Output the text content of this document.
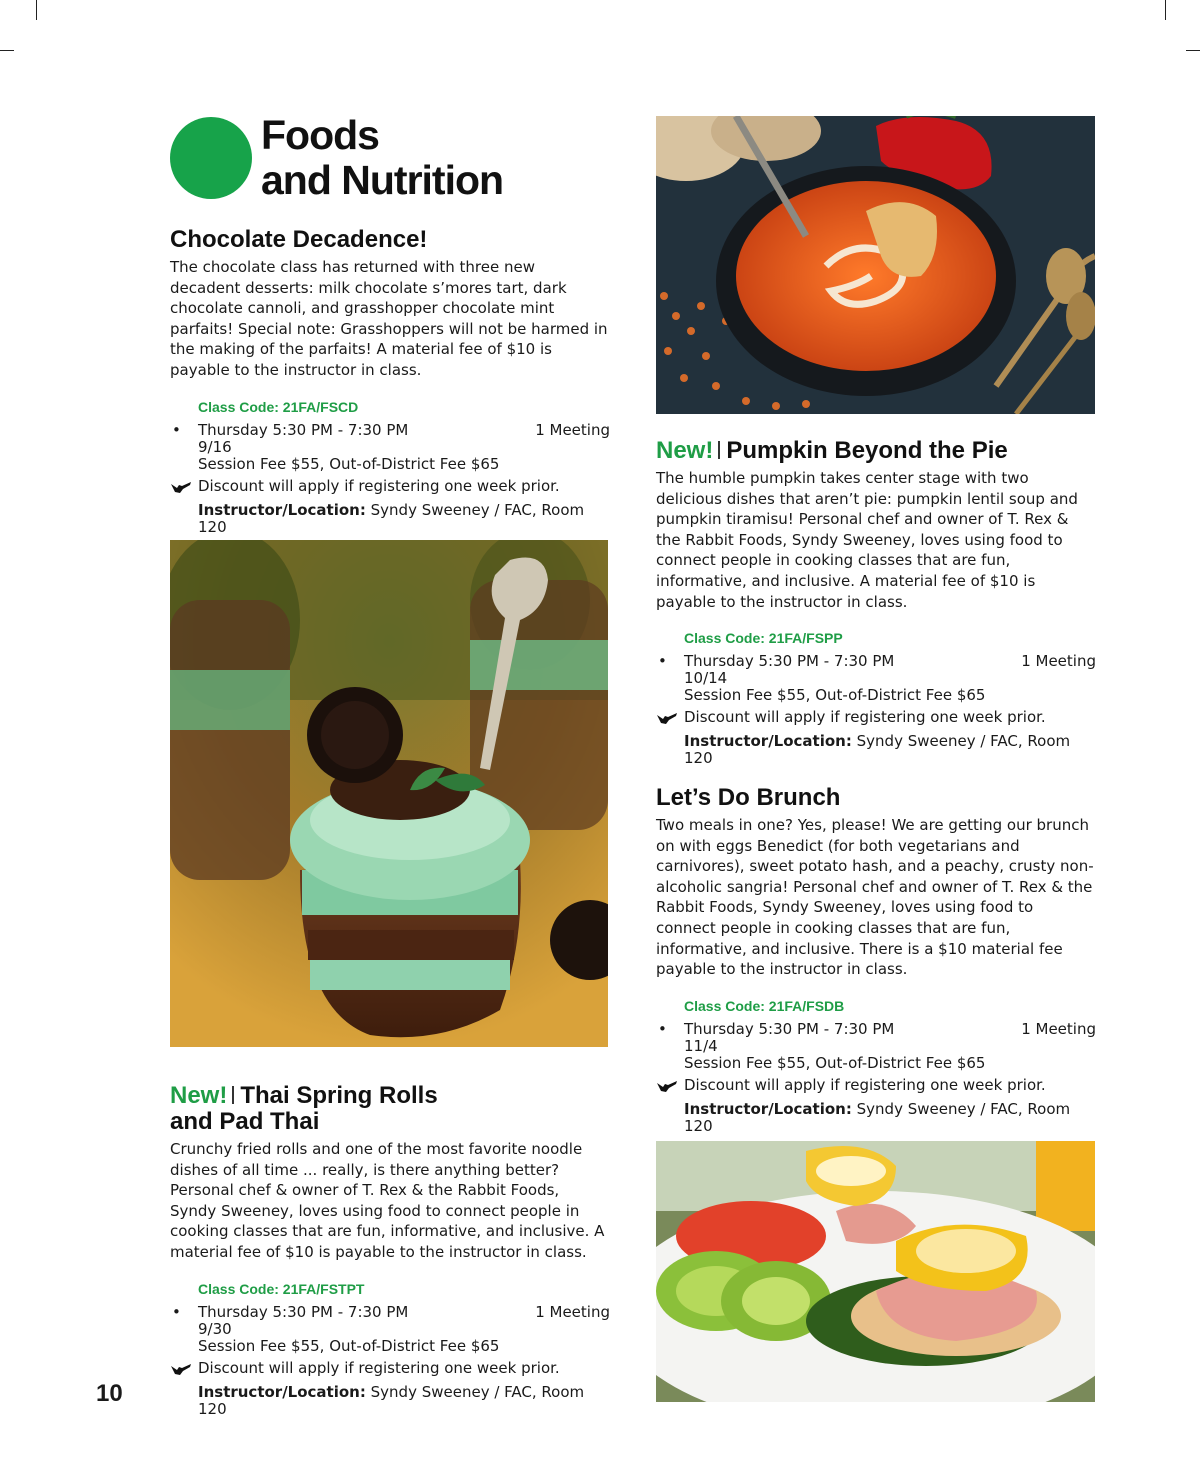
Foods
and Nutrition
Chocolate Decadence!

The chocolate class has returned with three new decadent desserts: milk chocolate s’mores tart, dark chocolate cannoli, and grasshopper chocolate mint parfaits! Special note: Grasshoppers will not be harmed in the making of the parfaits! A material fee of $10 is payable to the instructor in class.

Class Code: 21FA/FSCD
• Thursday 5:30 PM - 7:30 PM	1 Meeting
9/16
Session Fee $55, Out-of-District Fee $65
Discount will apply if registering one week prior.
Instructor/Location: Syndy Sweeney / FAC, Room 120
New! Thai Spring Rolls
and Pad Thai

Crunchy fried rolls and one of the most favorite noodle dishes of all time ... really, is there anything better? Personal chef & owner of T. Rex & the Rabbit Foods, Syndy Sweeney, loves using food to connect people in cooking classes that are fun, informative, and inclusive. A material fee of $10 is payable to the instructor in class.

Class Code: 21FA/FSTPT
• Thursday 5:30 PM - 7:30 PM	1 Meeting
9/30
Session Fee $55, Out-of-District Fee $65
Discount will apply if registering one week prior.
Instructor/Location: Syndy Sweeney / FAC, Room 120
New! Pumpkin Beyond the Pie

The humble pumpkin takes center stage with two delicious dishes that aren’t pie: pumpkin lentil soup and pumpkin tiramisu! Personal chef and owner of T. Rex & the Rabbit Foods, Syndy Sweeney, loves using food to connect people in cooking classes that are fun, informative, and inclusive. A material fee of $10 is payable to the instructor in class.

Class Code: 21FA/FSPP
• Thursday 5:30 PM - 7:30 PM	1 Meeting
10/14
Session Fee $55, Out-of-District Fee $65
Discount will apply if registering one week prior.
Instructor/Location: Syndy Sweeney / FAC, Room 120
Let’s Do Brunch

Two meals in one? Yes, please! We are getting our brunch on with eggs Benedict (for both vegetarians and carnivores), sweet potato hash, and a peachy, crusty non-alcoholic sangria! Personal chef and owner of T. Rex & the Rabbit Foods, Syndy Sweeney, loves using food to connect people in cooking classes that are fun, informative, and inclusive. There is a $10 material fee payable to the instructor in class.

Class Code: 21FA/FSDB
• Thursday 5:30 PM - 7:30 PM	1 Meeting
11/4
Session Fee $55, Out-of-District Fee $65
Discount will apply if registering one week prior.
Instructor/Location: Syndy Sweeney / FAC, Room 120
10
